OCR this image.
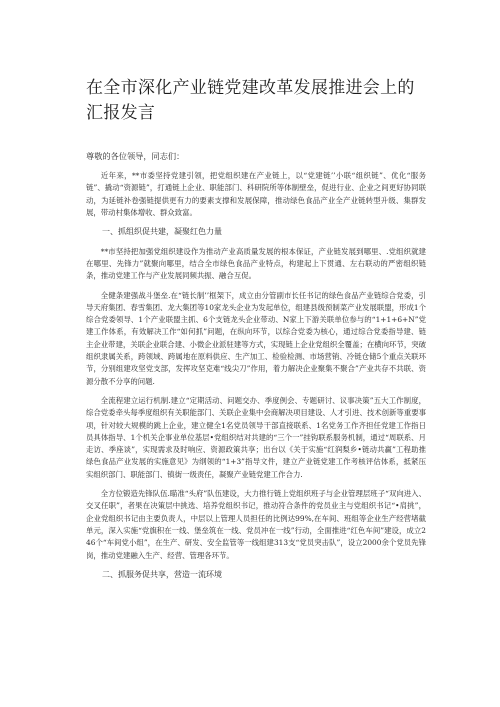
在全市深化产业链党建改革发展推进会上的汇报发言

尊敬的各位领导，同志们：

近年来，**市委坚持党建引领，把党组织建在产业链上，以“党建链’’小联“组织链”、优化“服务链”、撬动“资源链”，打通链上企业、职能部门、科研院所等体制壁垒，促进行业、企业之间更好协同联动，为延链补卷强链提供更有力的要素支撑和发展保障，推动绿色食品产业全产业链转型升级、集群发展，带动村集体增收、群众致富。

一、抓组织促共建，凝聚红色力量

**市坚持把加强党组织建设作为推动产业高质量发展的根本保证，产业链发展到哪里、.党组织就建在哪里、先锋力”就聚向哪里，结合全市绿色食品产业特点，构建起上下贯通、左右联动的严密组织链条，推动党建工作与产业发展同频共振、融合互促。

全健条建强战斗堡垒.在“链长制’’框架下，成立由分管副市长任书记的绿色食品产业链综合党委，引导天府集团、春雪集团、龙大集团等10家龙头企业为发起单位，组建县级预制菜产业发展联盟，形成1个综合党委领导、1个产业联盟主抓、6个支链龙头企业带动、N家上下游关联单位参与的“1+1+6+N”党建工作体系，有效解决工作“如何抓”问题，在纵向环节，以综合党委为核心，通过综合党委指导建、链主企业带建，关联企业联合建、小微企业派驻建等方式，实现链上企业党组织全覆盖；在横向环节，突破组织隶属关系，跨领域、跨属地在原料供应、生产加工、检验检测、市场营销、冷链仓储5个重点关联环节，分别组建攻坚党支部，发挥攻坚克难“线尖刀”作用，着力解决企业聚集不聚合”产业共存不共联、资源分散不分享的问题.

全流程建立运行机制.建立“定期活动、问题交办、季度例会、专题研讨、议事决策”五大工作制度，综合党委牵头每季度组织有关职能部门、关联企业集中会商解决项目建设、人才引进、技术创新等重要事项，针对较大规模的跳上企业，建立健全1名党员领导干部直接联系、1名党务工作齐担任党建工作指日员具体指导、1个机关企事业单位基层•党组织结对共建的“三个一”挂钩联系服务机制，通过“周联系、月走访、季座谈”，实现需求及时响应、资源政策共享；出台以《关于实施“红润梨乡•链动共赢”工程助推绿色食品产业发展的实施意见》为纲领的“1+3”指导文件，建立产业链党建工作考核评估体系，抵紧压实组织部门、职能部门、镇街一级责任，凝聚产业链党建工作合力.

全方位锻造先锋队伍.瞄准“头府”队伍建设，大力推行链上党组织班子与企业管理层班子“双向进入、交叉任职”，者果在决策层中挑选、培养党组织书记，推动符合条件的党员业主与党组织书记“•肩挑”，企业党组织书记由主要负责人，中层以上管理人员担任的比例达99%,在车间、班组等企业生产经营堵截单元，深入实施“党旗积在一线、堡垒筑在一线、党员冲在一线”行动，全面推进“红色车间”建设，成立246个“车间党小组”，在生产、研发、安全监管等一线组建313支“党员突击队”，设立2000余个党员先锋岗，推动党建融入生产、经营、管理各环节。

二、抓服务促共享，营造一流环境
